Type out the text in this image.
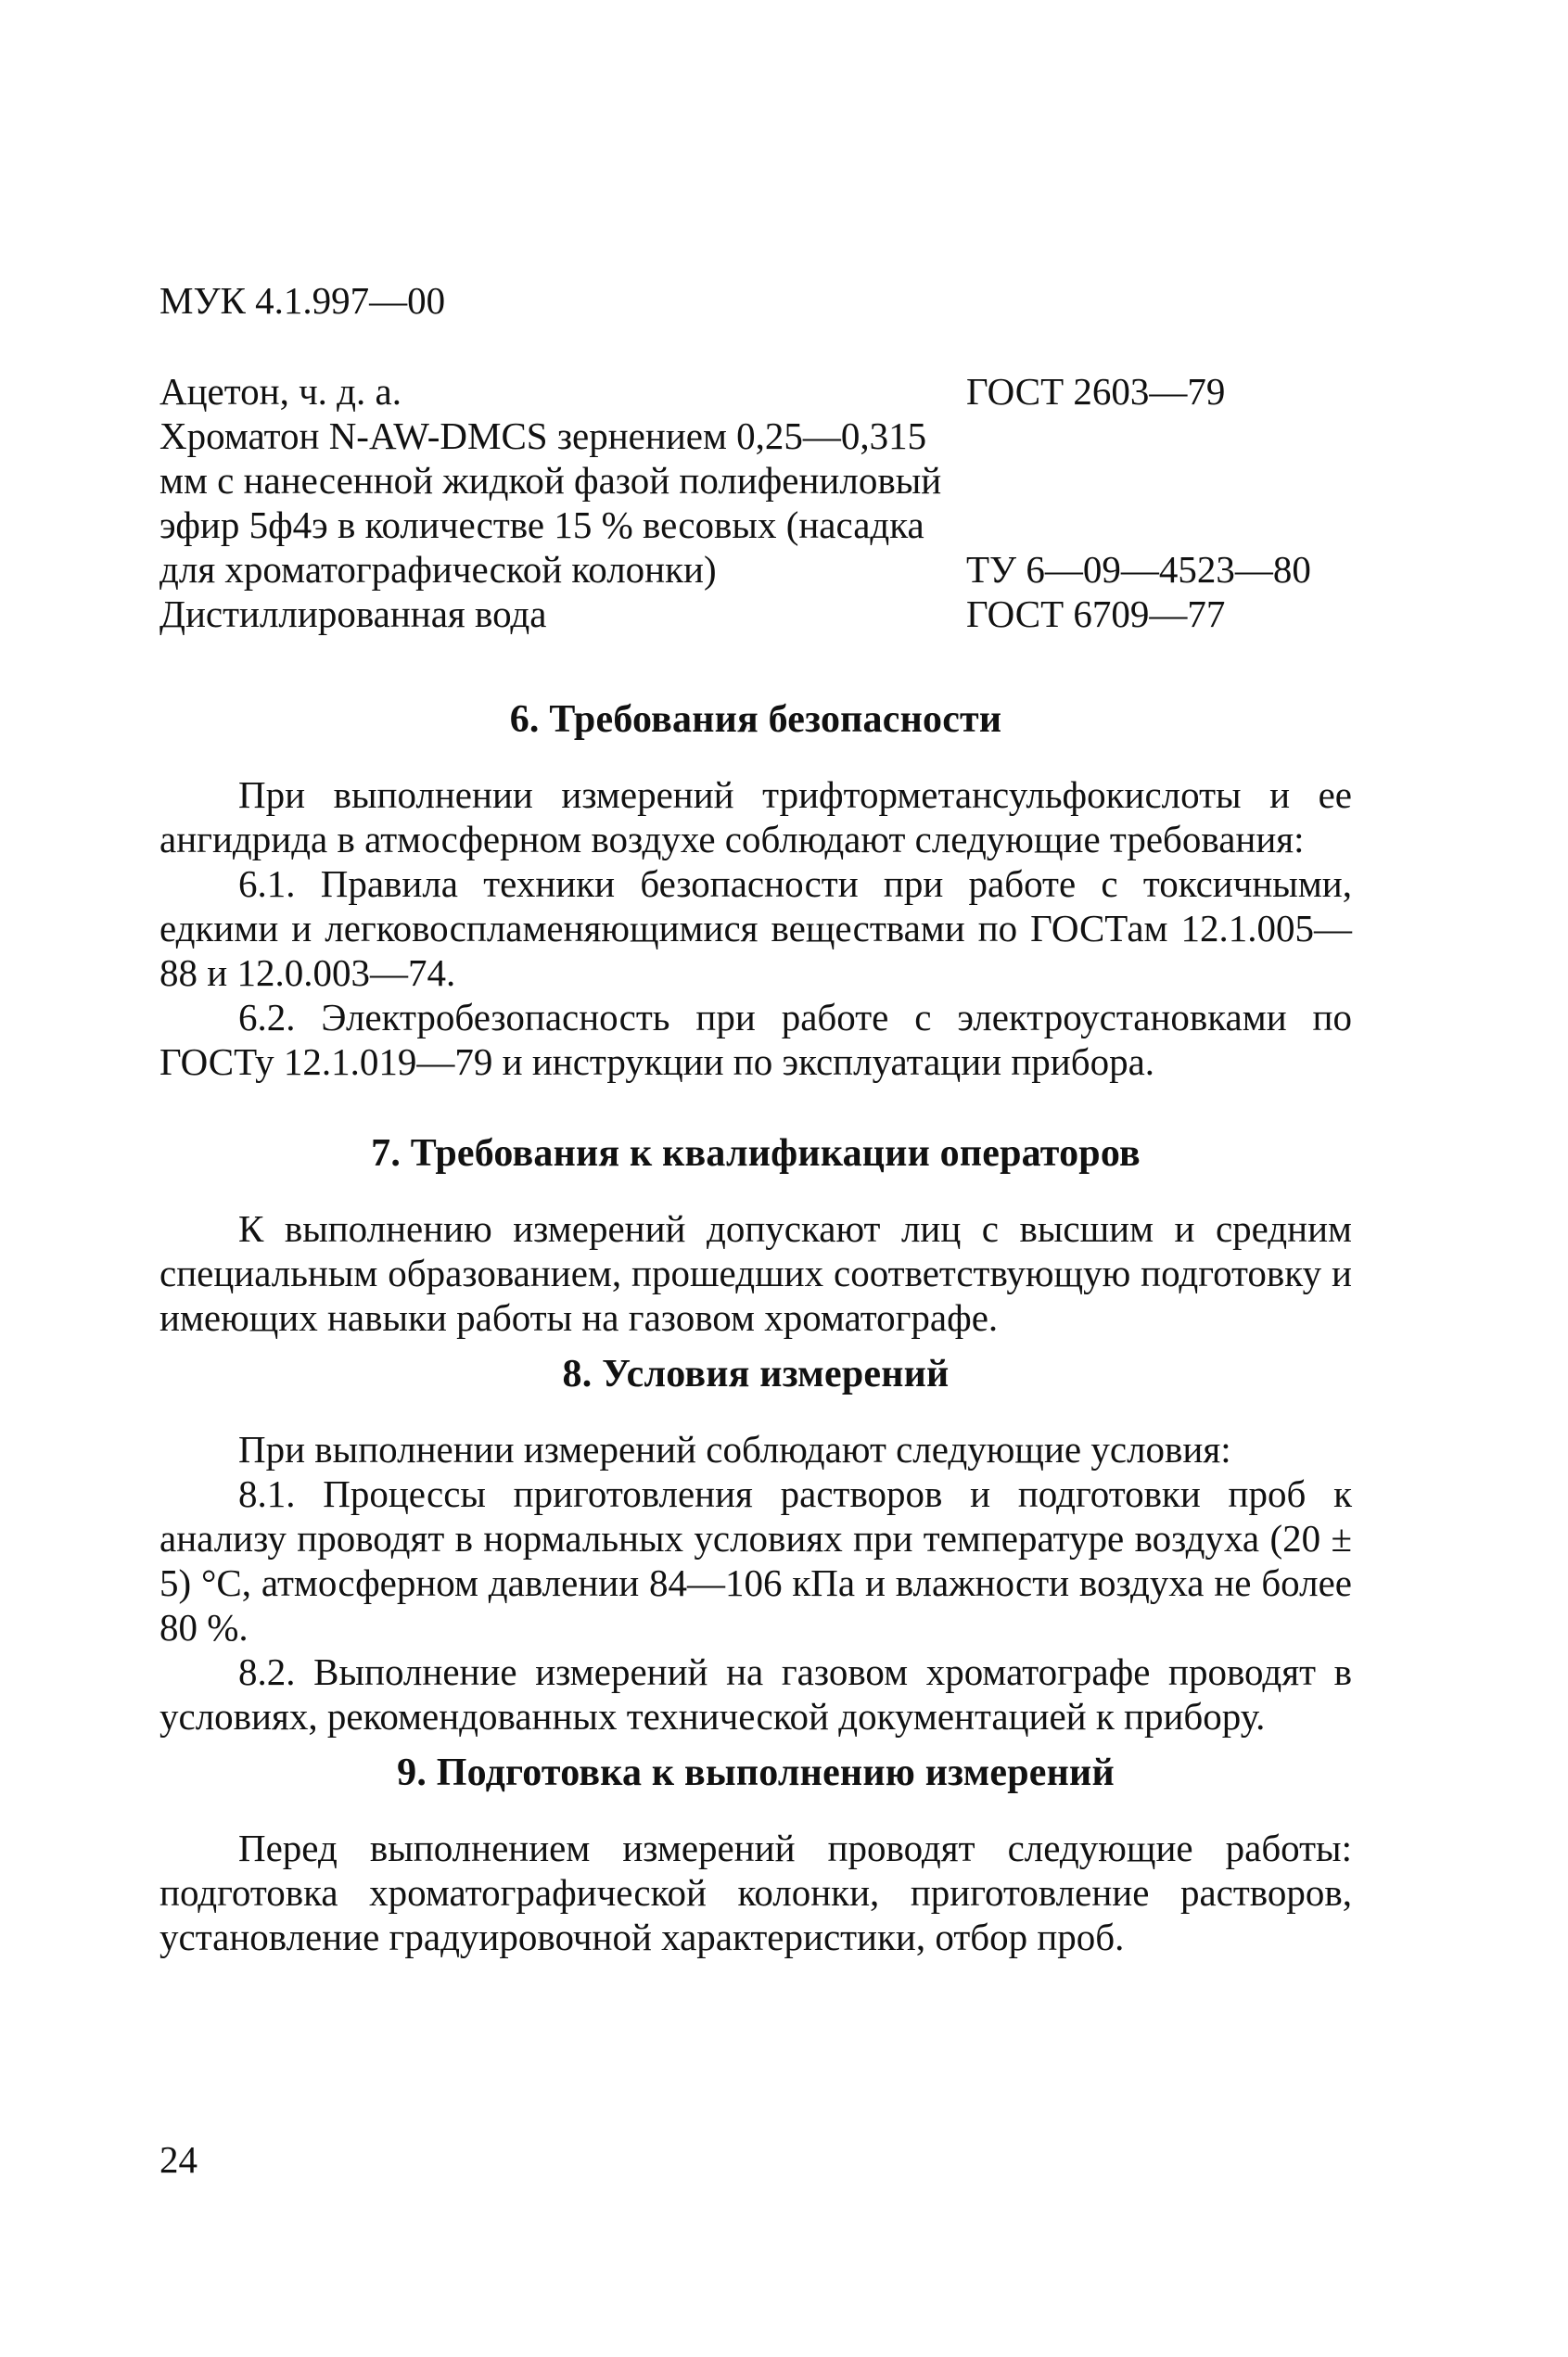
МУК 4.1.997—00
Ацетон, ч. д. а.	ГОСТ 2603—79
Хроматон N-AW-DMCS зернением 0,25—0,315 мм с нанесенной жидкой фазой полифениловый эфир 5ф4э в количестве 15 % весовых (насадка для хроматографической колонки)	ТУ 6—09—4523—80
Дистиллированная вода	ГОСТ 6709—77
6. Требования безопасности

При выполнении измерений трифторметансульфокислоты и ее ангидрида в атмосферном воздухе соблюдают следующие требования:

6.1. Правила техники безопасности при работе с токсичными, едкими и легковоспламеняющимися веществами по ГОСТам 12.1.005—88 и 12.0.003—74.

6.2. Электробезопасность при работе с электроустановками по ГОСТу 12.1.019—79 и инструкции по эксплуатации прибора.

7. Требования к квалификации операторов

К выполнению измерений допускают лиц с высшим и средним специальным образованием, прошедших соответствующую подготовку и имеющих навыки работы на газовом хроматографе.

8. Условия измерений

При выполнении измерений соблюдают следующие условия:

8.1. Процессы приготовления растворов и подготовки проб к анализу проводят в нормальных условиях при температуре воздуха (20 ± 5) °С, атмосферном давлении 84—106 кПа и влажности воздуха не более 80 %.

8.2. Выполнение измерений на газовом хроматографе проводят в условиях, рекомендованных технической документацией к прибору.

9. Подготовка к выполнению измерений

Перед выполнением измерений проводят следующие работы: подготовка хроматографической колонки, приготовление растворов, установление градуировочной характеристики, отбор проб.

24
